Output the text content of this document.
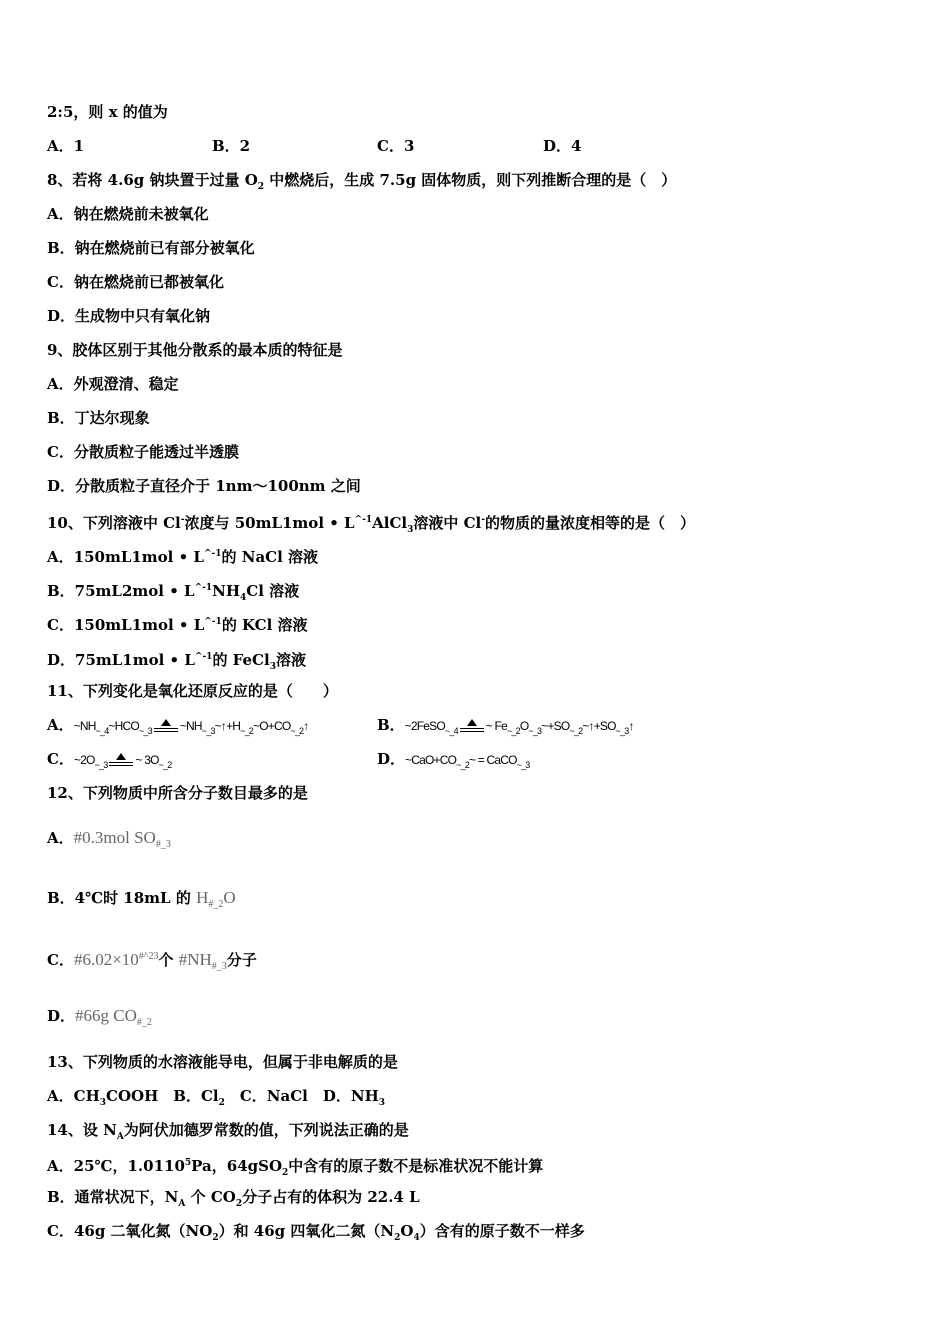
2:5，则 x 的值为
A．1	B．2	C．3	D．4
8、若将 4.6g 钠块置于过量 $O_2$ 中燃烧后，生成 7.5g 固体物质，则下列推断合理的是（　）
A．钠在燃烧前未被氧化
B．钠在燃烧前已有部分被氧化
C．钠在燃烧前已都被氧化
D．生成物中只有氧化钠
9、胶体区别于其他分散系的最本质的特征是
A．外观澄清、稳定
B．丁达尔现象
C．分散质粒子能透过半透膜
D．分散质粒子直径介于 1nm～100nm 之间
10、下列溶液中 Cl-浓度与 50mL1mol • $L^{\^{}-1}AlCl_3$溶液中 Cl-的物质的量浓度相等的是（　）
A．150mL1mol • $L^{\^{}-1}$的 NaCl 溶液
B．75mL2mol • $L^{\^{}-1}NH_4Cl$ 溶液
C．150mL1mol • $L^{\^{}-1}$的 KCl 溶液
D．75mL1mol • $L^{\^{}-1}$的 FeCl$_3$溶液
11、下列变化是氧化还原反应的是（　　）
A．$\sim NH_{\sim\_4}\sim HCO_{\sim\_3}$ $\sim NH_{\sim\_3}\sim↑+H_{\sim\_2}\sim O+CO_{\sim\_2}↑$	B．~2FeSO$_{\sim\_4}$ ~ $Fe_{\sim\_2}O_{\sim\_3}\sim+SO_{\sim\_2}\sim↑+SO_{\sim\_3}↑$
C．$\sim 2O_{\sim\_3}$ ~ $3O_{\sim\_2}$	D．$\sim CaO+CO_{\sim\_2}\sim$ = CaCO$_{\sim\_3}$
12、下列物质中所含分子数目最多的是
A．#0.3mol $SO_{\#\_3}$
B．4℃时 18mL 的 $H_{\#\_2}O$
C．$\#6.02\times 10^{\#\^{}23}$个 $\#NH_{\#\_3}$分子
D．#66g $CO_{\#\_2}$
13、下列物质的水溶液能导电，但属于非电解质的是
A．$CH_3COOH$　B．$Cl_2$　C．NaCl　D．$NH_3$
14、设 $N_A$为阿伏加德罗常数的值，下列说法正确的是
A．25℃，1.0110$^5$Pa，64gSO$_2$中含有的原子数不是标准状况不能计算
B．通常状况下，$N_A$ 个 $CO_2$分子占有的体积为 22.4 L
C．46g 二氧化氮$(NO_2)$和 46g 四氧化二氮$(N_2O_4)$含有的原子数不一样多
